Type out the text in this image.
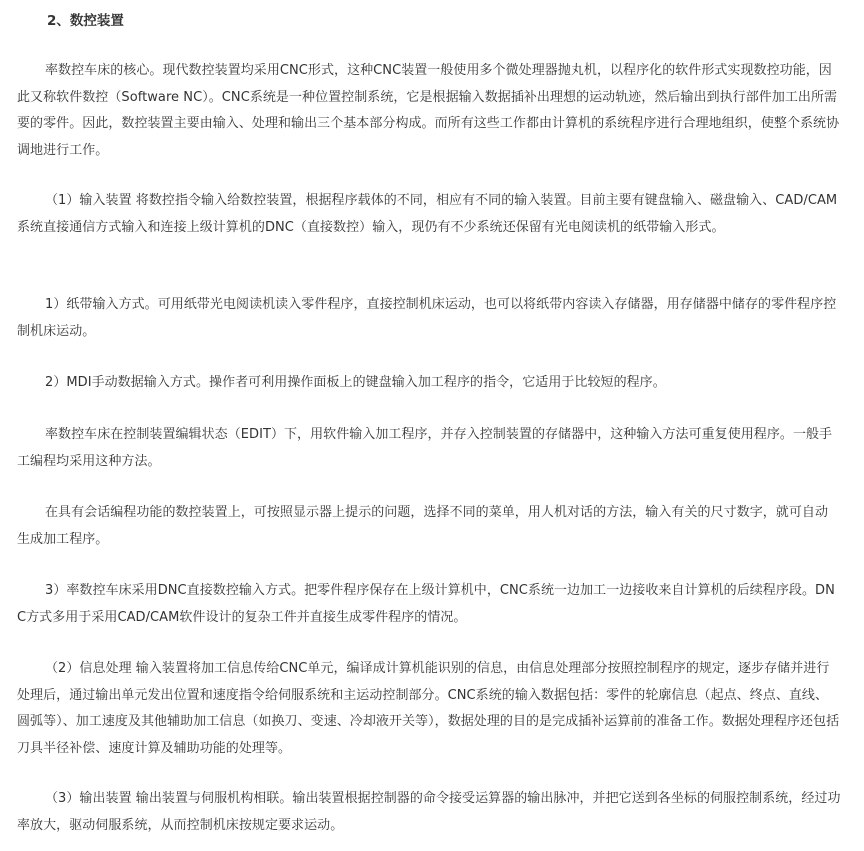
2、数控装置

率数控车床的核心。现代数控装置均采用CNC形式，这种CNC装置一般使用多个微处理器抛丸机，以程序化的软件形式实现数控功能，因此又称软件数控（Software NC）。CNC系统是一种位置控制系统，它是根据输入数据插补出理想的运动轨迹，然后输出到执行部件加工出所需要的零件。因此，数控装置主要由输入、处理和输出三个基本部分构成。而所有这些工作都由计算机的系统程序进行合理地组织，使整个系统协调地进行工作。

（1）输入装置 将数控指令输入给数控装置，根据程序载体的不同，相应有不同的输入装置。目前主要有键盘输入、磁盘输入、CAD/CAM系统直接通信方式输入和连接上级计算机的DNC（直接数控）输入，现仍有不少系统还保留有光电阅读机的纸带输入形式。

1）纸带输入方式。可用纸带光电阅读机读入零件程序，直接控制机床运动，也可以将纸带内容读入存储器，用存储器中储存的零件程序控制机床运动。

2）MDI手动数据输入方式。操作者可利用操作面板上的键盘输入加工程序的指令，它适用于比较短的程序。

率数控车床在控制装置编辑状态（EDIT）下，用软件输入加工程序，并存入控制装置的存储器中，这种输入方法可重复使用程序。一般手工编程均采用这种方法。

在具有会话编程功能的数控装置上，可按照显示器上提示的问题，选择不同的菜单，用人机对话的方法，输入有关的尺寸数字，就可自动生成加工程序。

3）率数控车床采用DNC直接数控输入方式。把零件程序保存在上级计算机中，CNC系统一边加工一边接收来自计算机的后续程序段。DNC方式多用于采用CAD/CAM软件设计的复杂工件并直接生成零件程序的情况。

（2）信息处理 输入装置将加工信息传给CNC单元，编译成计算机能识别的信息，由信息处理部分按照控制程序的规定，逐步存储并进行处理后，通过输出单元发出位置和速度指令给伺服系统和主运动控制部分。CNC系统的输入数据包括：零件的轮廓信息（起点、终点、直线、圆弧等）、加工速度及其他辅助加工信息（如换刀、变速、冷却液开关等），数据处理的目的是完成插补运算前的准备工作。数据处理程序还包括刀具半径补偿、速度计算及辅助功能的处理等。

（3）输出装置 输出装置与伺服机构相联。输出装置根据控制器的命令接受运算器的输出脉冲，并把它送到各坐标的伺服控制系统，经过功率放大，驱动伺服系统，从而控制机床按规定要求运动。
